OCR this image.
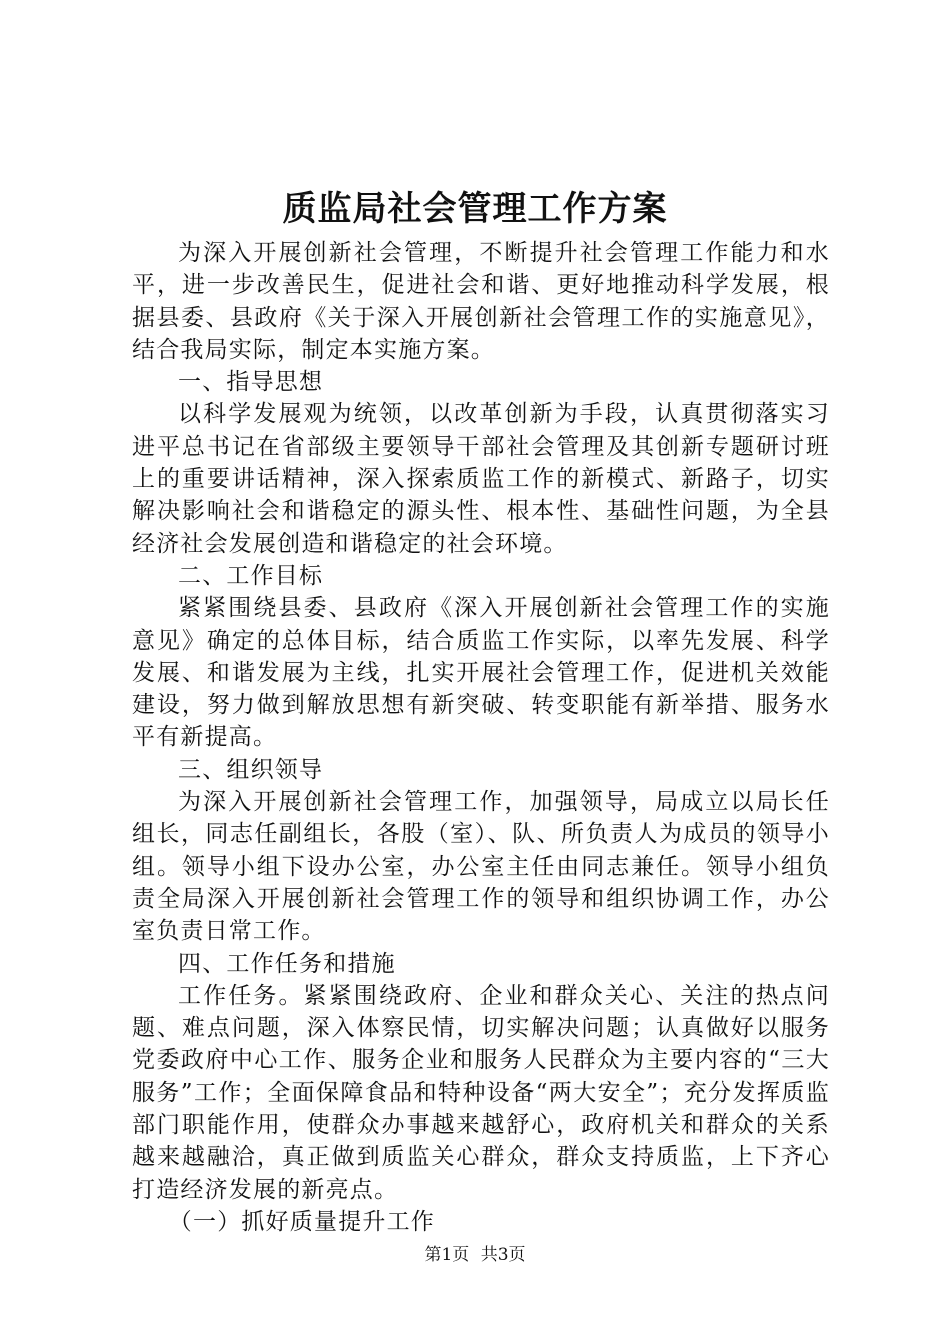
质监局社会管理工作方案

为深入开展创新社会管理，不断提升社会管理工作能力和水平，进一步改善民生，促进社会和谐、更好地推动科学发展，根据县委、县政府《关于深入开展创新社会管理工作的实施意见》，结合我局实际，制定本实施方案。

一、指导思想

以科学发展观为统领，以改革创新为手段，认真贯彻落实习进平总书记在省部级主要领导干部社会管理及其创新专题研讨班上的重要讲话精神，深入探索质监工作的新模式、新路子，切实解决影响社会和谐稳定的源头性、根本性、基础性问题，为全县经济社会发展创造和谐稳定的社会环境。

二、工作目标

紧紧围绕县委、县政府《深入开展创新社会管理工作的实施意见》确定的总体目标，结合质监工作实际，以率先发展、科学发展、和谐发展为主线，扎实开展社会管理工作，促进机关效能建设，努力做到解放思想有新突破、转变职能有新举措、服务水平有新提高。

三、组织领导

为深入开展创新社会管理工作，加强领导，局成立以局长任组长，同志任副组长，各股（室）、队、所负责人为成员的领导小组。领导小组下设办公室，办公室主任由同志兼任。领导小组负责全局深入开展创新社会管理工作的领导和组织协调工作，办公室负责日常工作。

四、工作任务和措施

工作任务。紧紧围绕政府、企业和群众关心、关注的热点问题、难点问题，深入体察民情，切实解决问题；认真做好以服务党委政府中心工作、服务企业和服务人民群众为主要内容的“三大服务”工作；全面保障食品和特种设备“两大安全”；充分发挥质监部门职能作用，使群众办事越来越舒心，政府机关和群众的关系越来越融洽，真正做到质监关心群众，群众支持质监，上下齐心打造经济发展的新亮点。

（一）抓好质量提升工作

第1页 共3页
